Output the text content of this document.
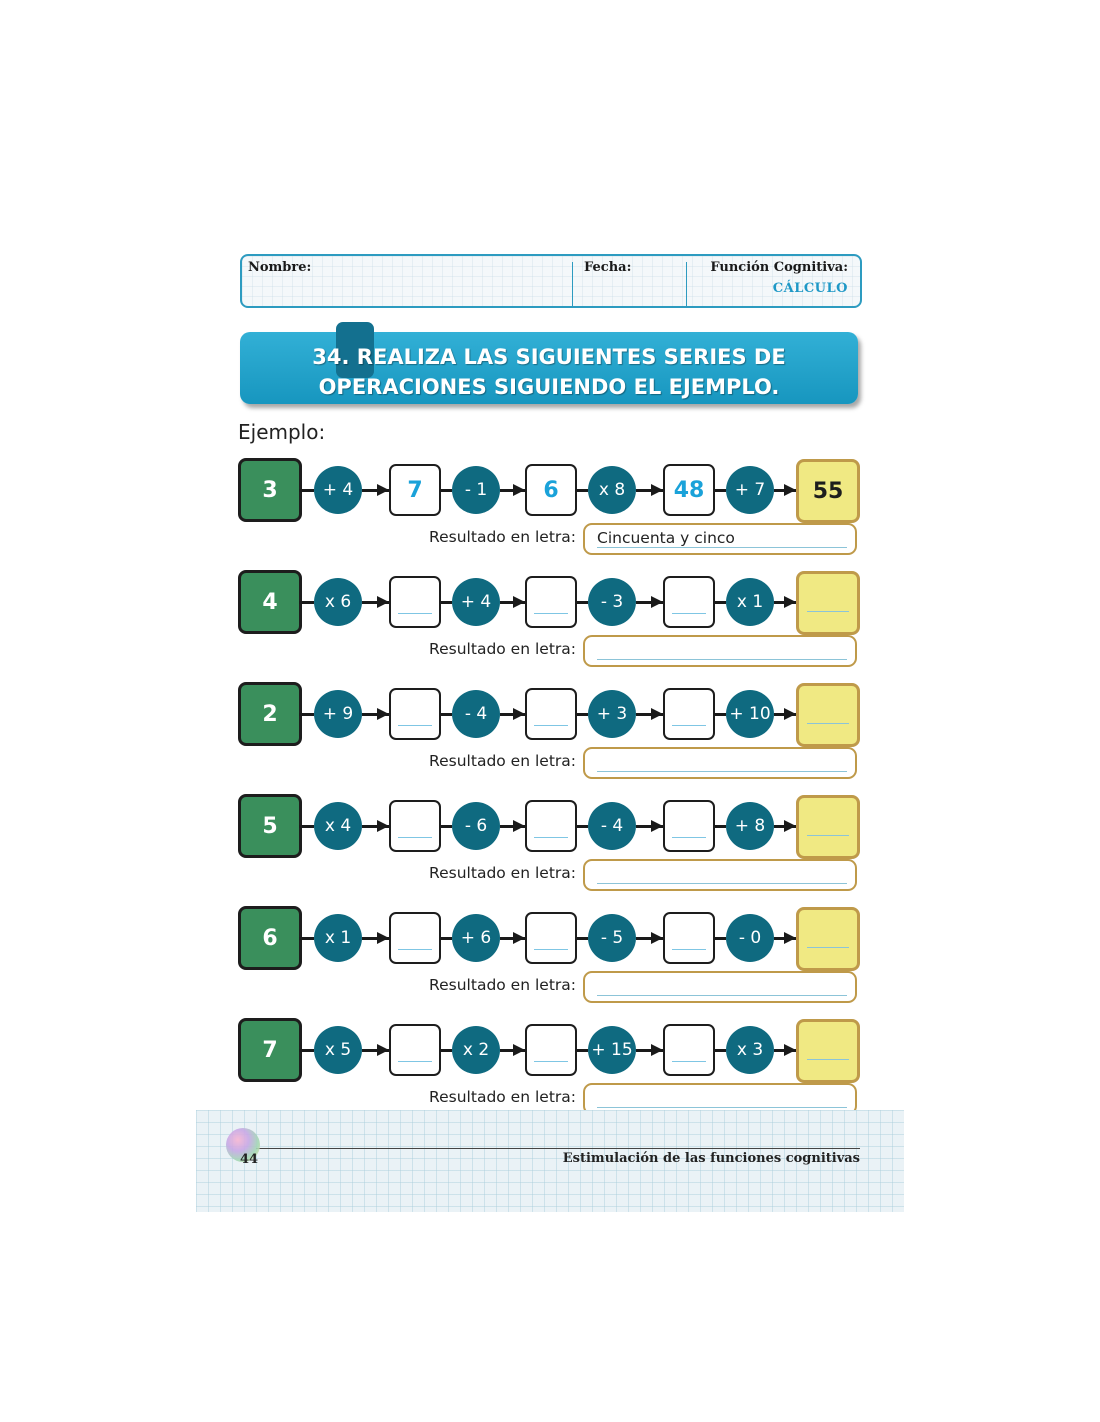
Nombre:	Fecha:	Función Cognitiva:
CÁLCULO
34. REALIZA LAS SIGUIENTES SERIES DE
OPERACIONES SIGUIENDO EL EJEMPLO.
Ejemplo:
3	+ 4	- 1	x 8	+ 7
7	6	48	55
Resultado en letra: Cincuenta y cinco
4	x 6	+ 4	- 3	x 1
Resultado en letra:
2	+ 9	- 4	+ 3	+ 10
Resultado en letra:
5	x 4	- 6	- 4	+ 8
Resultado en letra:
6	x 1	+ 6	- 5	- 0
Resultado en letra:
7	x 5	x 2	+ 15	x 3
Resultado en letra:
44	Estimulación de las funciones cognitivas
